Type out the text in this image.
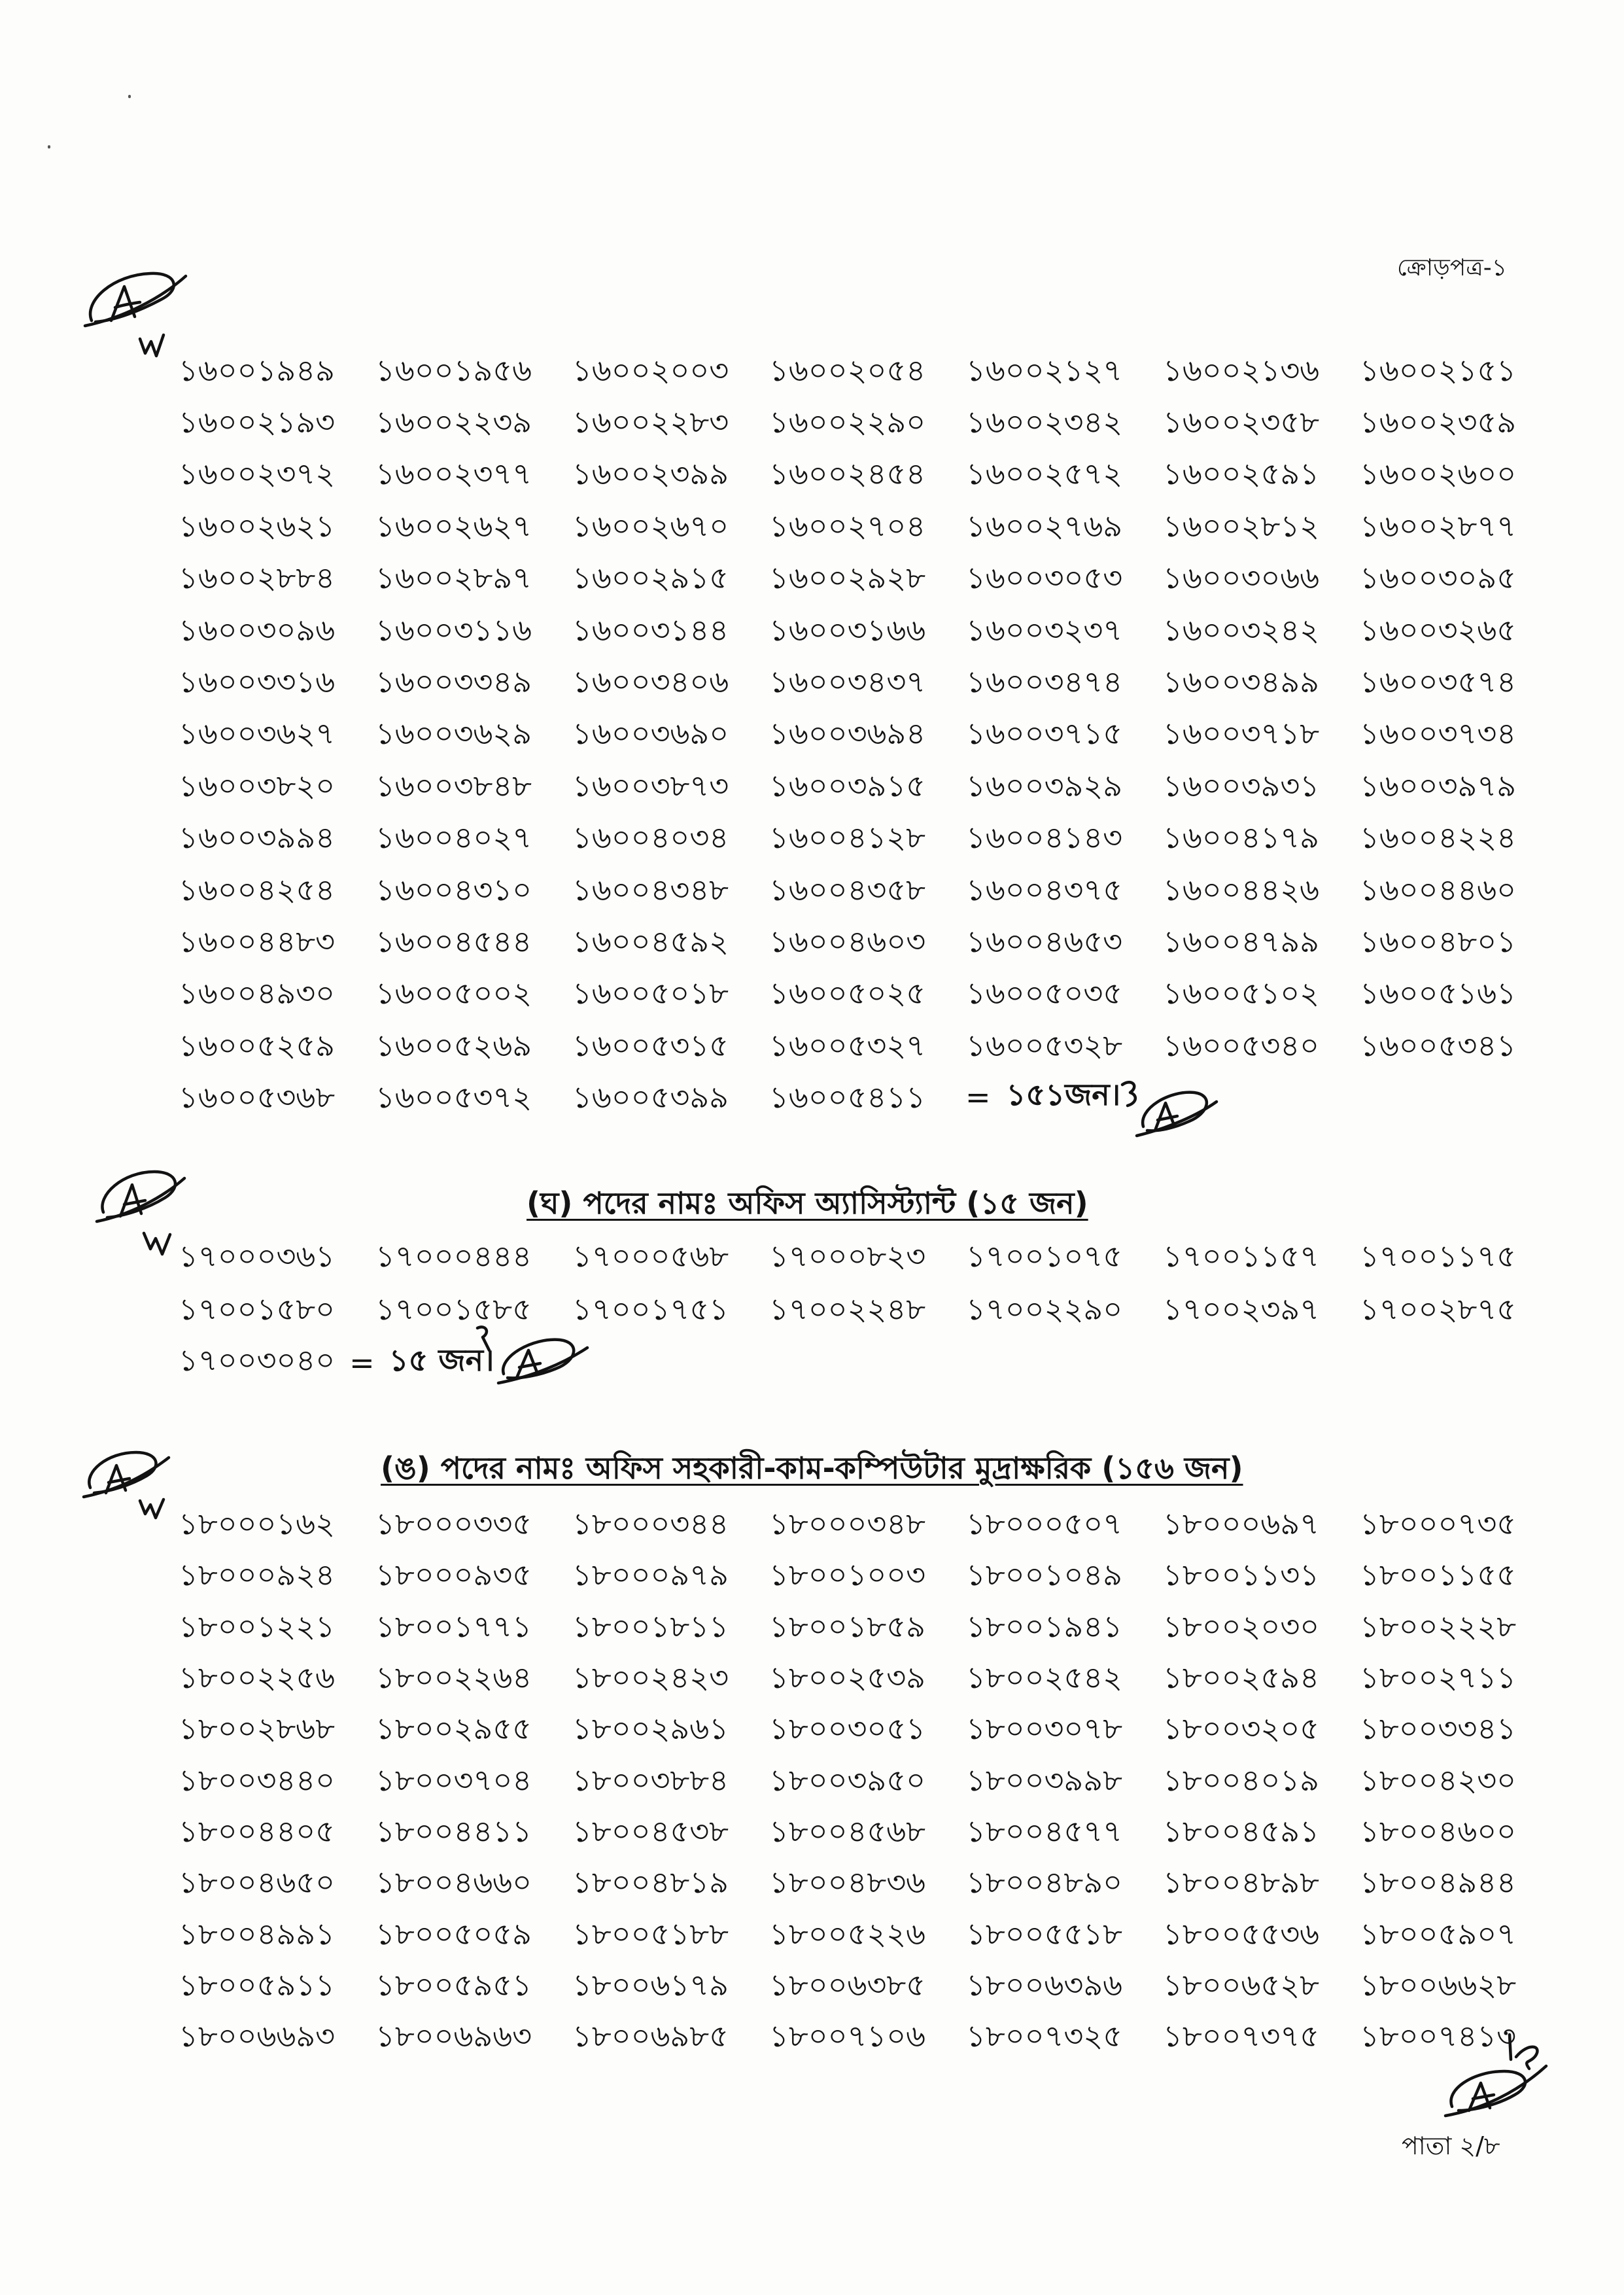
ক্রোড়পত্র-১
১৬০০১৯৪৯	১৬০০১৯৫৬	১৬০০২০০৩	১৬০০২০৫৪	১৬০০২১২৭	১৬০০২১৩৬	১৬০০২১৫১
১৬০০২১৯৩	১৬০০২২৩৯	১৬০০২২৮৩	১৬০০২২৯০	১৬০০২৩৪২	১৬০০২৩৫৮	১৬০০২৩৫৯
১৬০০২৩৭২	১৬০০২৩৭৭	১৬০০২৩৯৯	১৬০০২৪৫৪	১৬০০২৫৭২	১৬০০২৫৯১	১৬০০২৬০০
১৬০০২৬২১	১৬০০২৬২৭	১৬০০২৬৭০	১৬০০২৭০৪	১৬০০২৭৬৯	১৬০০২৮১২	১৬০০২৮৭৭
১৬০০২৮৮৪	১৬০০২৮৯৭	১৬০০২৯১৫	১৬০০২৯২৮	১৬০০৩০৫৩	১৬০০৩০৬৬	১৬০০৩০৯৫
১৬০০৩০৯৬	১৬০০৩১১৬	১৬০০৩১৪৪	১৬০০৩১৬৬	১৬০০৩২৩৭	১৬০০৩২৪২	১৬০০৩২৬৫
১৬০০৩৩১৬	১৬০০৩৩৪৯	১৬০০৩৪০৬	১৬০০৩৪৩৭	১৬০০৩৪৭৪	১৬০০৩৪৯৯	১৬০০৩৫৭৪
১৬০০৩৬২৭	১৬০০৩৬২৯	১৬০০৩৬৯০	১৬০০৩৬৯৪	১৬০০৩৭১৫	১৬০০৩৭১৮	১৬০০৩৭৩৪
১৬০০৩৮২০	১৬০০৩৮৪৮	১৬০০৩৮৭৩	১৬০০৩৯১৫	১৬০০৩৯২৯	১৬০০৩৯৩১	১৬০০৩৯৭৯
১৬০০৩৯৯৪	১৬০০৪০২৭	১৬০০৪০৩৪	১৬০০৪১২৮	১৬০০৪১৪৩	১৬০০৪১৭৯	১৬০০৪২২৪
১৬০০৪২৫৪	১৬০০৪৩১০	১৬০০৪৩৪৮	১৬০০৪৩৫৮	১৬০০৪৩৭৫	১৬০০৪৪২৬	১৬০০৪৪৬০
১৬০০৪৪৮৩	১৬০০৪৫৪৪	১৬০০৪৫৯২	১৬০০৪৬০৩	১৬০০৪৬৫৩	১৬০০৪৭৯৯	১৬০০৪৮০১
১৬০০৪৯৩০	১৬০০৫০০২	১৬০০৫০১৮	১৬০০৫০২৫	১৬০০৫০৩৫	১৬০০৫১০২	১৬০০৫১৬১
১৬০০৫২৫৯	১৬০০৫২৬৯	১৬০০৫৩১৫	১৬০০৫৩২৭	১৬০০৫৩২৮	১৬০০৫৩৪০	১৬০০৫৩৪১
১৬০০৫৩৬৮	১৬০০৫৩৭২	১৬০০৫৩৯৯	১৬০০৫৪১১	= ১৫১জন।
(ঘ) পদের নামঃ অফিস অ্যাসিস্ট্যান্ট (১৫ জন)
১৭০০০৩৬১	১৭০০০৪৪৪	১৭০০০৫৬৮	১৭০০০৮২৩	১৭০০১০৭৫	১৭০০১১৫৭	১৭০০১১৭৫
১৭০০১৫৮০	১৭০০১৫৮৫	১৭০০১৭৫১	১৭০০২২৪৮	১৭০০২২৯০	১৭০০২৩৯৭	১৭০০২৮৭৫
১৭০০৩০৪০ = ১৫ জন।
(ঙ) পদের নামঃ অফিস সহকারী-কাম-কম্পিউটার মুদ্রাক্ষরিক (১৫৬ জন)
১৮০০০১৬২	১৮০০০৩৩৫	১৮০০০৩৪৪	১৮০০০৩৪৮	১৮০০০৫০৭	১৮০০০৬৯৭	১৮০০০৭৩৫
১৮০০০৯২৪	১৮০০০৯৩৫	১৮০০০৯৭৯	১৮০০১০০৩	১৮০০১০৪৯	১৮০০১১৩১	১৮০০১১৫৫
১৮০০১২২১	১৮০০১৭৭১	১৮০০১৮১১	১৮০০১৮৫৯	১৮০০১৯৪১	১৮০০২০৩০	১৮০০২২২৮
১৮০০২২৫৬	১৮০০২২৬৪	১৮০০২৪২৩	১৮০০২৫৩৯	১৮০০২৫৪২	১৮০০২৫৯৪	১৮০০২৭১১
১৮০০২৮৬৮	১৮০০২৯৫৫	১৮০০২৯৬১	১৮০০৩০৫১	১৮০০৩০৭৮	১৮০০৩২০৫	১৮০০৩৩৪১
১৮০০৩৪৪০	১৮০০৩৭০৪	১৮০০৩৮৮৪	১৮০০৩৯৫০	১৮০০৩৯৯৮	১৮০০৪০১৯	১৮০০৪২৩০
১৮০০৪৪০৫	১৮০০৪৪১১	১৮০০৪৫৩৮	১৮০০৪৫৬৮	১৮০০৪৫৭৭	১৮০০৪৫৯১	১৮০০৪৬০০
১৮০০৪৬৫০	১৮০০৪৬৬০	১৮০০৪৮১৯	১৮০০৪৮৩৬	১৮০০৪৮৯০	১৮০০৪৮৯৮	১৮০০৪৯৪৪
১৮০০৪৯৯১	১৮০০৫০৫৯	১৮০০৫১৮৮	১৮০০৫২২৬	১৮০০৫৫১৮	১৮০০৫৫৩৬	১৮০০৫৯০৭
১৮০০৫৯১১	১৮০০৫৯৫১	১৮০০৬১৭৯	১৮০০৬৩৮৫	১৮০০৬৩৯৬	১৮০০৬৫২৮	১৮০০৬৬২৮
১৮০০৬৬৯৩	১৮০০৬৯৬৩	১৮০০৬৯৮৫	১৮০০৭১০৬	১৮০০৭৩২৫	১৮০০৭৩৭৫	১৮০০৭৪১৩
পাতা ২/৮
